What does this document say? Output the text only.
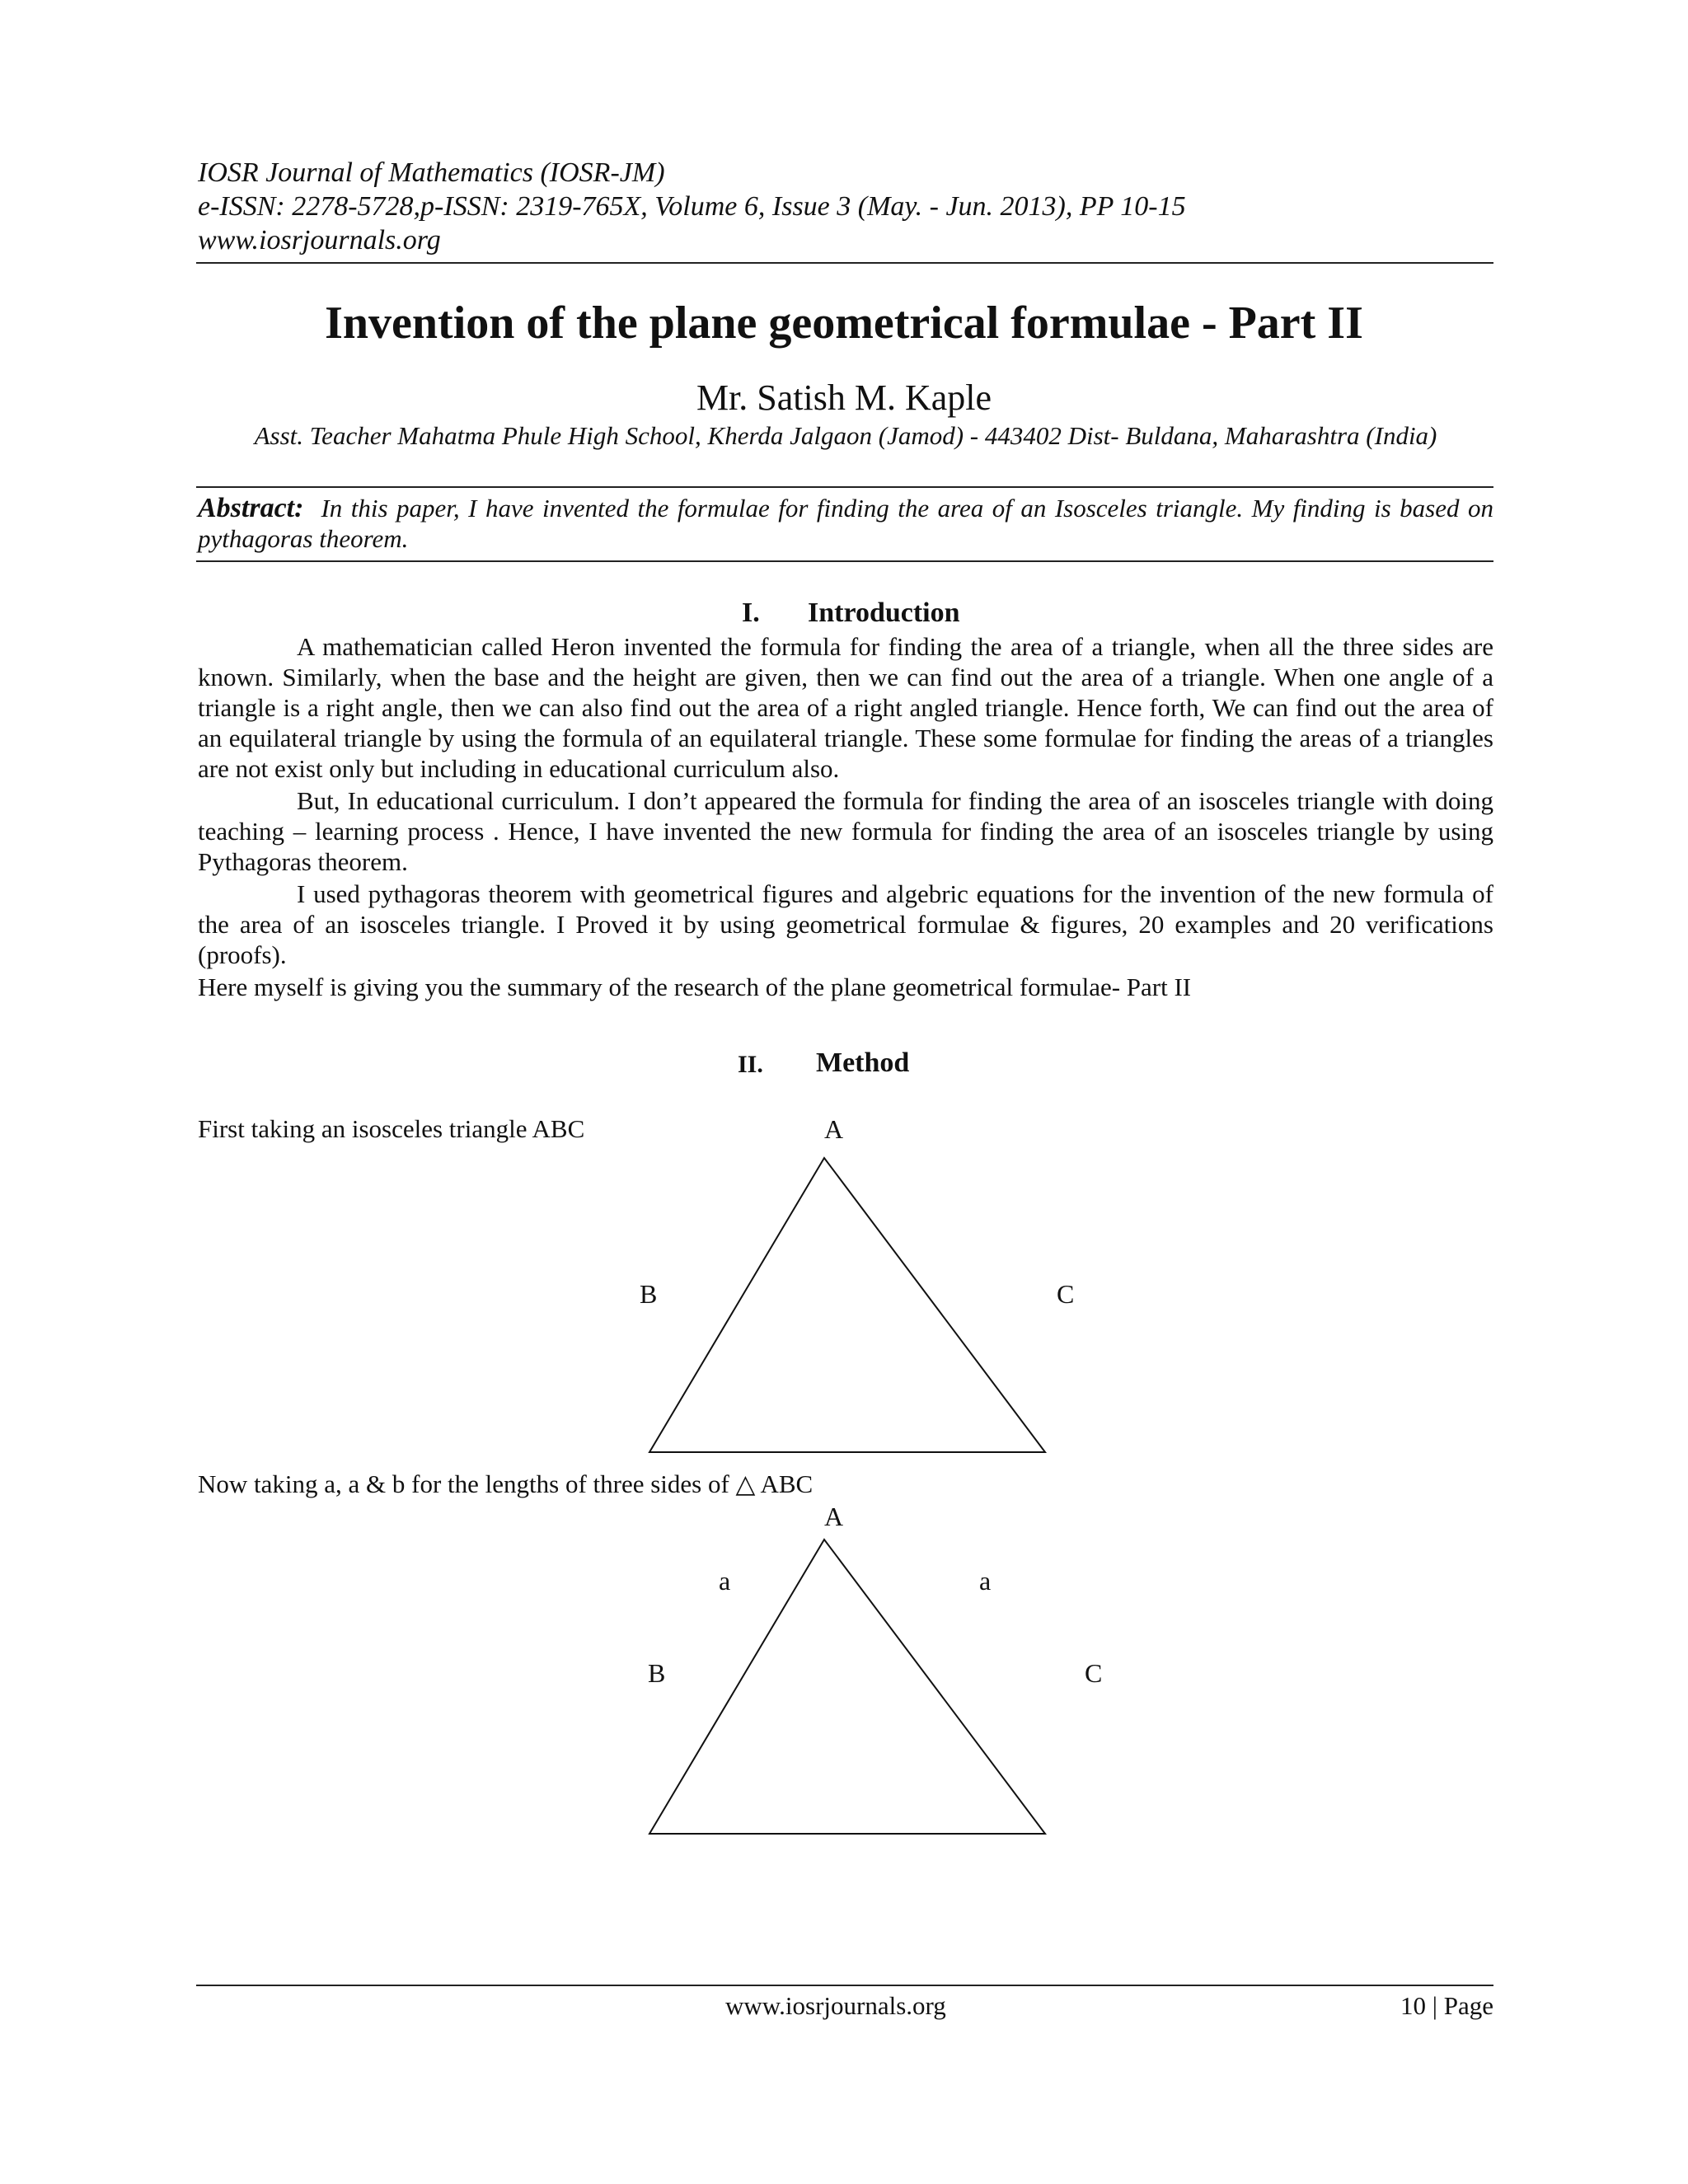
IOSR Journal of Mathematics (IOSR-JM)
e-ISSN: 2278-5728,p-ISSN: 2319-765X, Volume 6, Issue 3 (May. - Jun. 2013), PP 10-15
www.iosrjournals.org
Invention of the plane geometrical formulae - Part II
Mr. Satish M. Kaple
Asst. Teacher Mahatma Phule High School, Kherda Jalgaon (Jamod) - 443402 Dist- Buldana, Maharashtra (India)
Abstract: In this paper, I have invented the formulae for finding the area of an Isosceles triangle. My finding is based on pythagoras theorem.
I. Introduction

A mathematician called Heron invented the formula for finding the area of a triangle, when all the three sides are known. Similarly, when the base and the height are given, then we can find out the area of a triangle. When one angle of a triangle is a right angle, then we can also find out the area of a right angled triangle. Hence forth, We can find out the area of an equilateral triangle by using the formula of an equilateral triangle. These some formulae for finding the areas of a triangles are not exist only but including in educational curriculum also.

But, In educational curriculum. I don’t appeared the formula for finding the area of an isosceles triangle with doing teaching – learning process . Hence, I have invented the new formula for finding the area of an isosceles triangle by using Pythagoras theorem.

I used pythagoras theorem with geometrical figures and algebric equations for the invention of the new formula of the area of an isosceles triangle. I Proved it by using geometrical formulae & figures, 20 examples and 20 verifications (proofs).

Here myself is giving you the summary of the research of the plane geometrical formulae- Part II

II. Method
First taking an isosceles triangle ABC	A
B	C
Now taking a, a & b for the lengths of three sides of △ ABC
A
a	a
B	C
www.iosrjournals.org	10 | Page
